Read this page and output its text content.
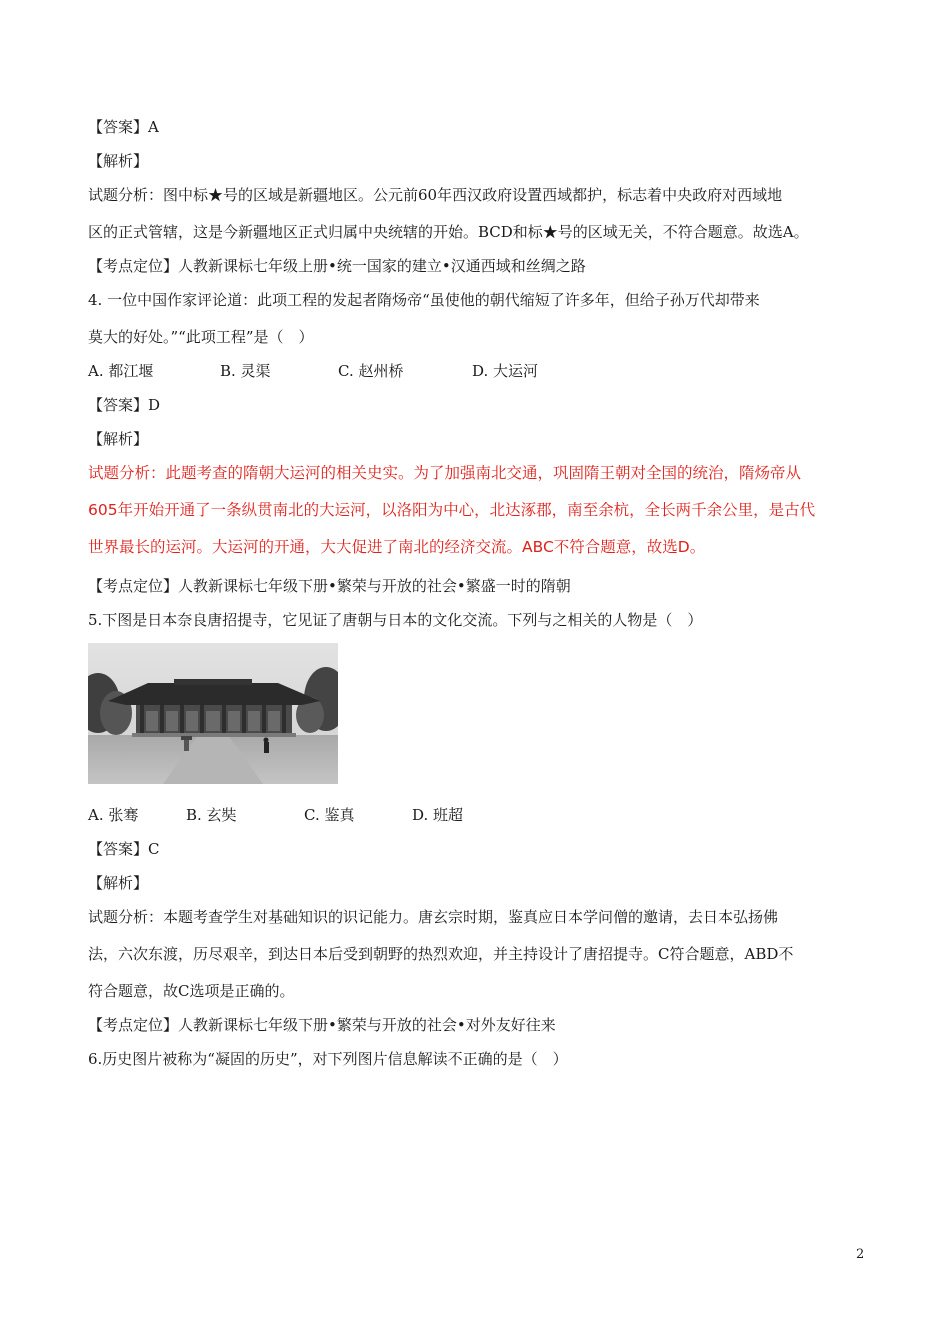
【答案】A
【解析】
试题分析：图中标★号的区域是新疆地区。公元前60年西汉政府设置西域都护，标志着中央政府对西域地
区的正式管辖，这是今新疆地区正式归属中央统辖的开始。BCD和标★号的区域无关，不符合题意。故选A。
【考点定位】人教新课标七年级上册•统一国家的建立•汉通西域和丝绸之路
4. 一位中国作家评论道：此项工程的发起者隋炀帝“虽使他的朝代缩短了许多年，但给子孙万代却带来
莫大的好处。”“此项工程”是（　）
A. 都江堰	B. 灵渠	C. 赵州桥	D. 大运河
【答案】D
【解析】
试题分析：此题考查的隋朝大运河的相关史实。为了加强南北交通，巩固隋王朝对全国的统治，隋炀帝从
605年开始开通了一条纵贯南北的大运河，以洛阳为中心，北达涿郡，南至余杭，全长两千余公里，是古代
世界最长的运河。大运河的开通，大大促进了南北的经济交流。ABC不符合题意，故选D。
【考点定位】人教新课标七年级下册•繁荣与开放的社会•繁盛一时的隋朝
5.下图是日本奈良唐招提寺，它见证了唐朝与日本的文化交流。下列与之相关的人物是（　）
A. 张骞	B. 玄奘	C. 鉴真	D. 班超
【答案】C
【解析】
试题分析：本题考查学生对基础知识的识记能力。唐玄宗时期，鉴真应日本学问僧的邀请，去日本弘扬佛
法，六次东渡，历尽艰辛，到达日本后受到朝野的热烈欢迎，并主持设计了唐招提寺。C符合题意，ABD不
符合题意，故C选项是正确的。
【考点定位】人教新课标七年级下册•繁荣与开放的社会•对外友好往来
6.历史图片被称为“凝固的历史”，对下列图片信息解读不正确的是（　）
2
